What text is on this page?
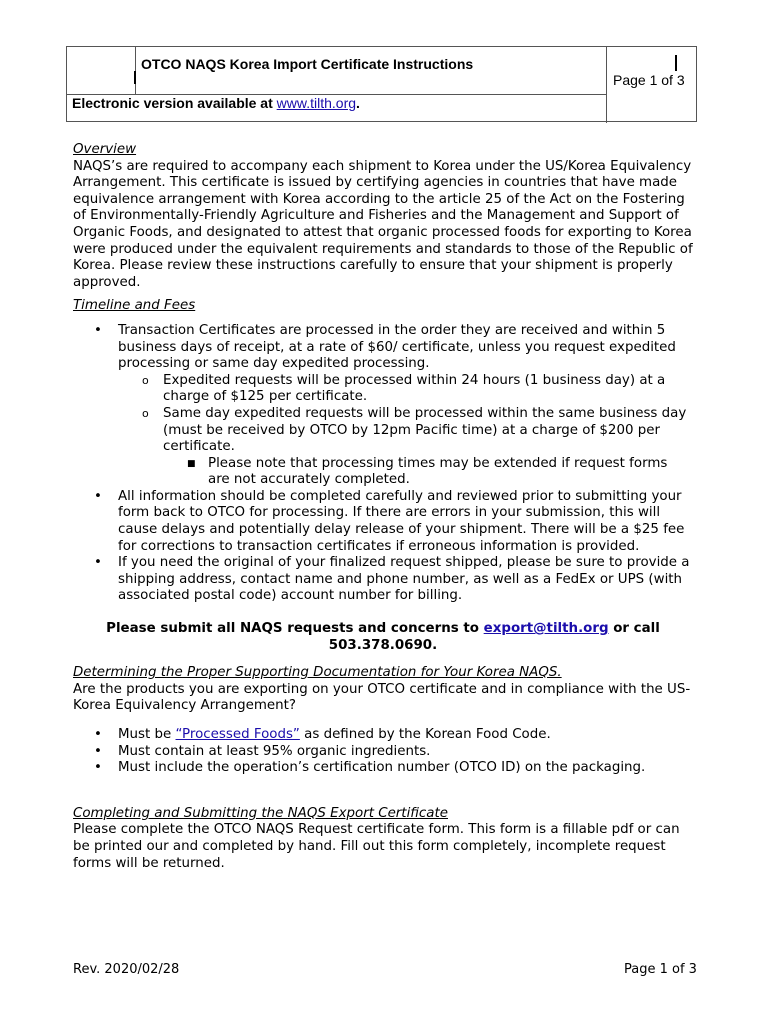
OTCO NAQS Korea Import Certificate Instructions
Page 1 of 3
Electronic version available at www.tilth.org.

Overview

NAQS’s are required to accompany each shipment to Korea under the US/Korea Equivalency Arrangement. This certificate is issued by certifying agencies in countries that have made equivalence arrangement with Korea according to the article 25 of the Act on the Fostering of Environmentally-Friendly Agriculture and Fisheries and the Management and Support of Organic Foods, and designated to attest that organic processed foods for exporting to Korea were produced under the equivalent requirements and standards to those of the Republic of Korea. Please review these instructions carefully to ensure that your shipment is properly approved.

Timeline and Fees

• Transaction Certificates are processed in the order they are received and within 5 business days of receipt, at a rate of $60/ certificate, unless you request expedited processing or same day expedited processing.
o Expedited requests will be processed within 24 hours (1 business day) at a charge of $125 per certificate.
o Same day expedited requests will be processed within the same business day (must be received by OTCO by 12pm Pacific time) at a charge of $200 per certificate.
■ Please note that processing times may be extended if request forms are not accurately completed.
• All information should be completed carefully and reviewed prior to submitting your form back to OTCO for processing. If there are errors in your submission, this will cause delays and potentially delay release of your shipment. There will be a $25 fee for corrections to transaction certificates if erroneous information is provided.
• If you need the original of your finalized request shipped, please be sure to provide a shipping address, contact name and phone number, as well as a FedEx or UPS (with associated postal code) account number for billing.

Please submit all NAQS requests and concerns to export@tilth.org or call 503.378.0690.

Determining the Proper Supporting Documentation for Your Korea NAQS.

Are the products you are exporting on your OTCO certificate and in compliance with the US-Korea Equivalency Arrangement?

• Must be “Processed Foods” as defined by the Korean Food Code.
• Must contain at least 95% organic ingredients.
• Must include the operation’s certification number (OTCO ID) on the packaging.

Completing and Submitting the NAQS Export Certificate

Please complete the OTCO NAQS Request certificate form. This form is a fillable pdf or can be printed our and completed by hand. Fill out this form completely, incomplete request forms will be returned.

Rev. 2020/02/28	Page 1 of 3
